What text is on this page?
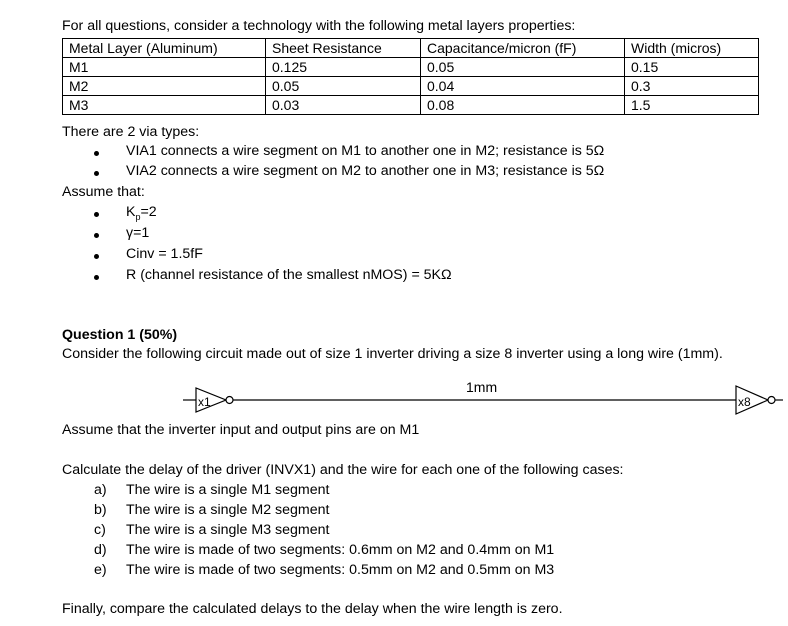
For all questions, consider a technology with the following metal layers properties:
Metal Layer (Aluminum)	Sheet Resistance	Capacitance/micron (fF)	Width (micros)
M1	0.125	0.05	0.15
M2	0.05	0.04	0.3
M3	0.03	0.08	1.5
There are 2 via types:
VIA1 connects a wire segment on M1 to another one in M2; resistance is 5Ω
VIA2 connects a wire segment on M2 to another one in M3; resistance is 5Ω
Assume that:
$K_p=2$
γ=1
Cinv = 1.5fF
R (channel resistance of the smallest nMOS) = 5KΩ
Question 1 (50%)
Consider the following circuit made out of size 1 inverter driving a size 8 inverter using a long wire (1mm).
x1
1mm
x8
Assume that the inverter input and output pins are on M1
Calculate the delay of the driver (INVX1) and the wire for each one of the following cases:
a) The wire is a single M1 segment
b) The wire is a single M2 segment
c) The wire is a single M3 segment
d) The wire is made of two segments: 0.6mm on M2 and 0.4mm on M1
e) The wire is made of two segments: 0.5mm on M2 and 0.5mm on M3
Finally, compare the calculated delays to the delay when the wire length is zero.
